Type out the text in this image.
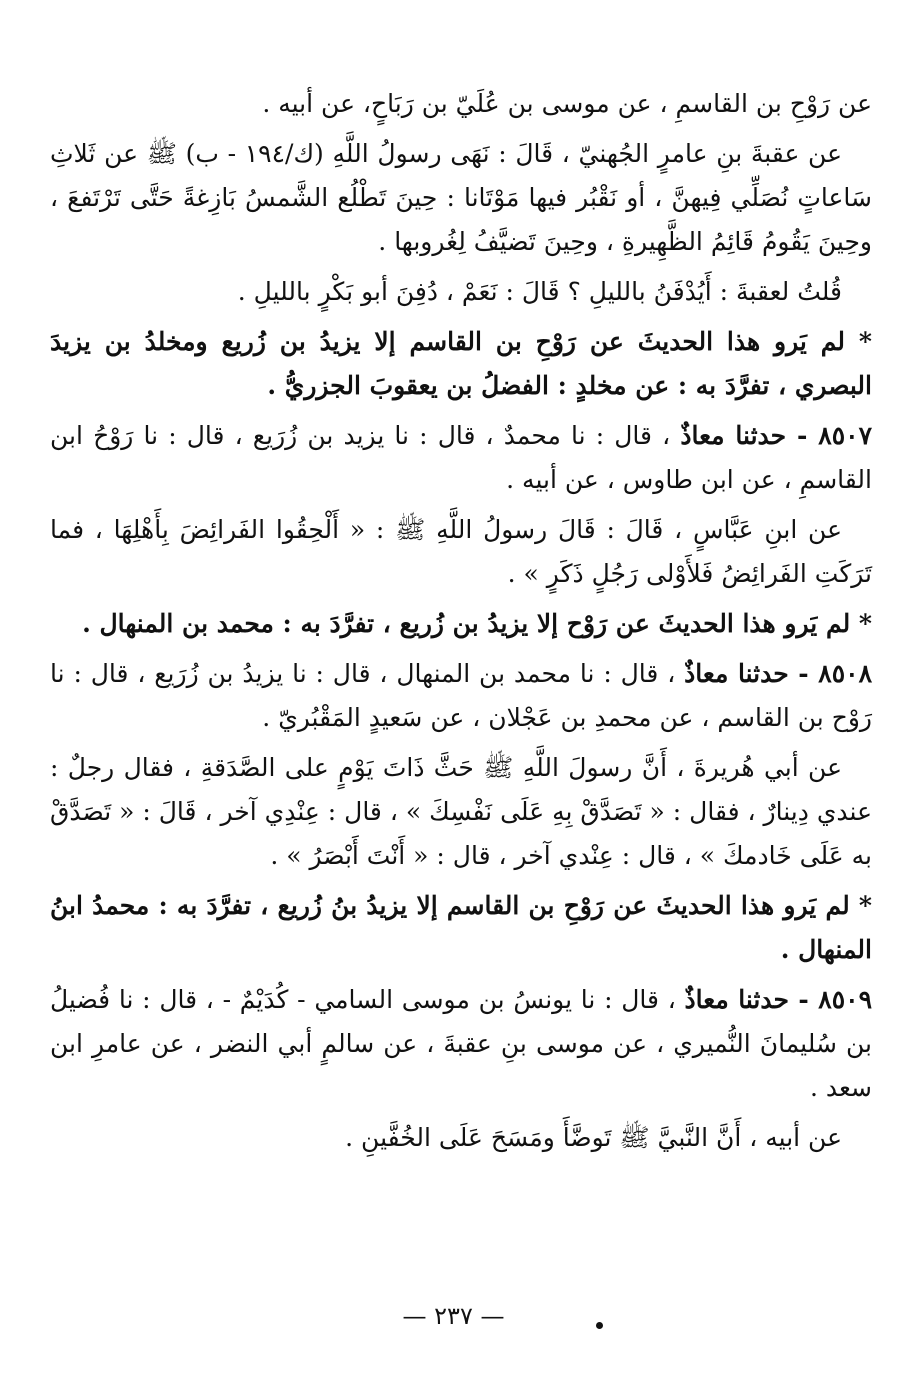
عن رَوْحِ بن القاسمِ ، عن موسى بن عُلَيّ بن رَبَاحٍ، عن أبيه .

عن عقبةَ بنِ عامرٍ الجُهنيّ ، قَالَ : نَهَى رسولُ اللَّهِ (ك/١٩٤ - ب) ﷺ عن ثَلاثِ سَاعاتٍ نُصَلِّي فِيهنَّ ، أو نَقْبُر فيها مَوْتَانا : حِينَ تَطْلُع الشَّمسُ بَازِغةً حَتَّى تَرْتَفعَ ، وحِينَ يَقُومُ قَائِمُ الظَّهِيرةِ ، وحِينَ تَضيَّفُ لِغُروبها .

قُلتُ لعقبةَ : أَيُدْفَنُ بالليلِ ؟ قَالَ : نَعَمْ ، دُفِنَ أبو بَكْرٍ بالليلِ .

* لم يَرو هذا الحديثَ عن رَوْحِ بن القاسم إلا يزيدُ بن زُريع ومخلدُ بن يزيدَ البصري ، تفرَّدَ به : عن مخلدٍ : الفضلُ بن يعقوبَ الجزريُّ .

٨٥٠٧ - حدثنا معاذٌ ، قال : نا محمدٌ ، قال : نا يزيد بن زُرَيع ، قال : نا رَوْحُ ابن القاسمِ ، عن ابن طاوس ، عن أبيه .

عن ابنِ عَبَّاسٍ ، قَالَ : قَالَ رسولُ اللَّهِ ﷺ : « أَلْحِقُوا الفَرائِضَ بِأَهْلِهَا ، فما تَرَكَتِ الفَرائِضُ فَلأَوْلى رَجُلٍ ذَكَرٍ » .

* لم يَرو هذا الحديثَ عن رَوْح إلا يزيدُ بن زُريع ، تفرَّدَ به : محمد بن المنهال .

٨٥٠٨ - حدثنا معاذٌ ، قال : نا محمد بن المنهال ، قال : نا يزيدُ بن زُرَيع ، قال : نا رَوْح بن القاسم ، عن محمدِ بن عَجْلان ، عن سَعيدٍ المَقْبُريّ .

عن أبي هُريرةَ ، أَنَّ رسولَ اللَّهِ ﷺ حَثَّ ذَاتَ يَوْمٍ على الصَّدَقةِ ، فقال رجلٌ : عندي دِينارٌ ، فقال : « تَصَدَّقْ بِهِ عَلَى نَفْسِكَ » ، قال : عِنْدِي آخر ، قَالَ : « تَصَدَّقْ به عَلَى خَادمكَ » ، قال : عِنْدي آخر ، قال : « أَنْتَ أَبْصَرُ » .

* لم يَرو هذا الحديثَ عن رَوْحِ بن القاسم إلا يزيدُ بنُ زُريع ، تفرَّدَ به : محمدُ ابنُ المنهال .

٨٥٠٩ - حدثنا معاذٌ ، قال : نا يونسُ بن موسى السامي - كُدَيْمٌ - ، قال : نا فُضيلُ بن سُليمانَ النُّميري ، عن موسى بنِ عقبةَ ، عن سالمٍ أبي النضر ، عن عامرِ ابن سعد .

عن أبيه ، أَنَّ النَّبيَّ ﷺ تَوضَّأَ ومَسَحَ عَلَى الخُفَّينِ .

— ٢٣٧ —
